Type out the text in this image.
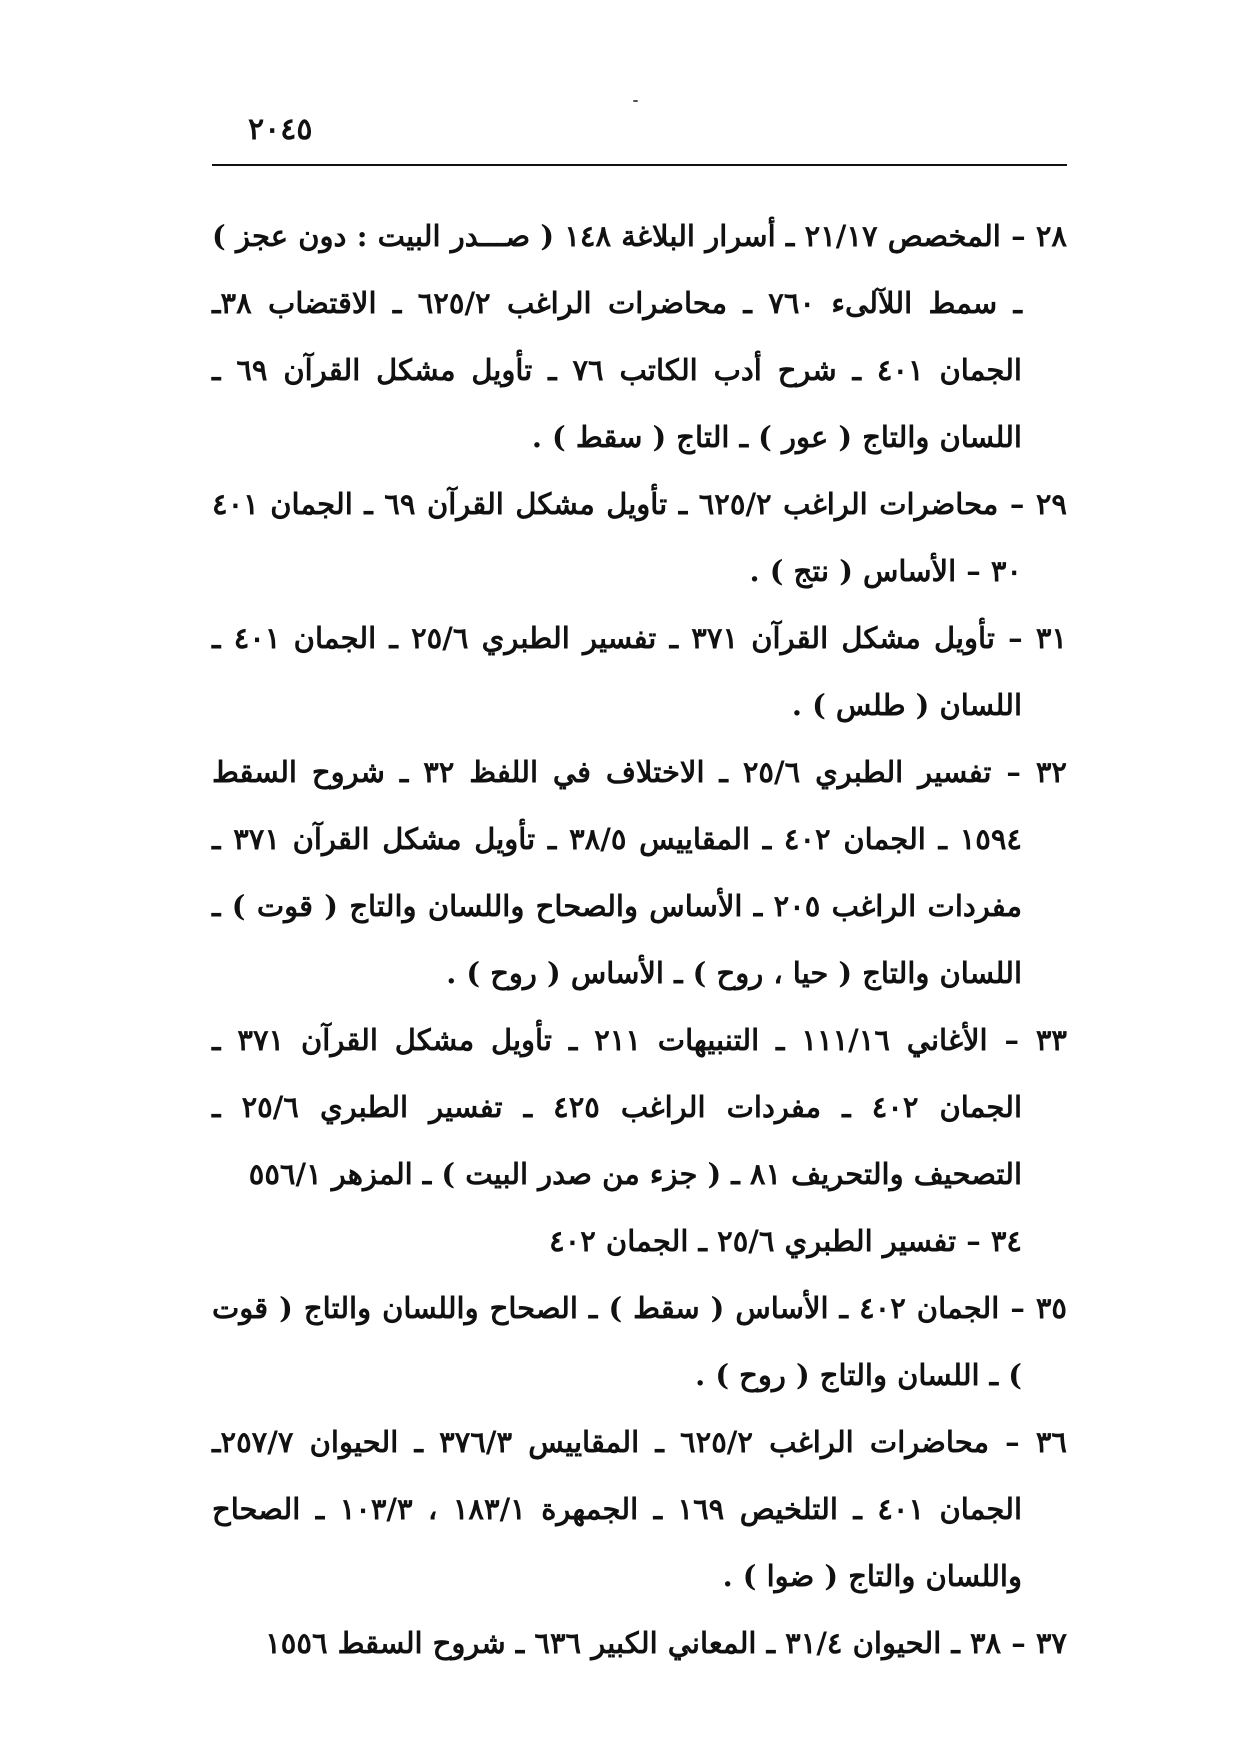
٢٠٤٥

٢٨ – المخصص ٢١/١٧ ـ أسرار البلاغة ١٤٨ ( صـــدر البيت : دون عجز ) ـ سمط اللآلىء ٧٦٠ ـ محاضرات الراغب ٦٢٥/٢ ـ الاقتضاب ٣٨ـ الجمان ٤٠١ ـ شرح أدب الكاتب ٧٦ ـ تأويل مشكل القرآن ٦٩ ـ اللسان والتاج ( عور ) ـ التاج ( سقط ) .

٢٩ – محاضرات الراغب ٦٢٥/٢ ـ تأويل مشكل القرآن ٦٩ ـ الجمان ٤٠١ ٣٠ – الأساس ( نتج ) .

٣١ – تأويل مشكل القرآن ٣٧١ ـ تفسير الطبري ٢٥/٦ ـ الجمان ٤٠١ ـ اللسان ( طلس ) .

٣٢ – تفسير الطبري ٢٥/٦ ـ الاختلاف في اللفظ ٣٢ ـ شروح السقط ١٥٩٤ ـ الجمان ٤٠٢ ـ المقاييس ٣٨/٥ ـ تأويل مشكل القرآن ٣٧١ ـ مفردات الراغب ٢٠٥ ـ الأساس والصحاح واللسان والتاج ( قوت ) ـ اللسان والتاج ( حيا ، روح ) ـ الأساس ( روح ) .

٣٣ – الأغاني ١١١/١٦ ـ التنبيهات ٢١١ ـ تأويل مشكل القرآن ٣٧١ ـ الجمان ٤٠٢ ـ مفردات الراغب ٤٢٥ ـ تفسير الطبري ٢٥/٦ ـ التصحيف والتحريف ٨١ ـ ( جزء من صدر البيت ) ـ المزهر ٥٥٦/١

٣٤ – تفسير الطبري ٢٥/٦ ـ الجمان ٤٠٢

٣٥ – الجمان ٤٠٢ ـ الأساس ( سقط ) ـ الصحاح واللسان والتاج ( قوت ) ـ اللسان والتاج ( روح ) .

٣٦ – محاضرات الراغب ٦٢٥/٢ ـ المقاييس ٣٧٦/٣ ـ الحيوان ٢٥٧/٧ـ الجمان ٤٠١ ـ التلخيص ١٦٩ ـ الجمهرة ١٨٣/١ ، ١٠٣/٣ ـ الصحاح واللسان والتاج ( ضوا ) .

٣٧ – ٣٨ ـ الحيوان ٣١/٤ ـ المعاني الكبير ٦٣٦ ـ شروح السقط ١٥٥٦
